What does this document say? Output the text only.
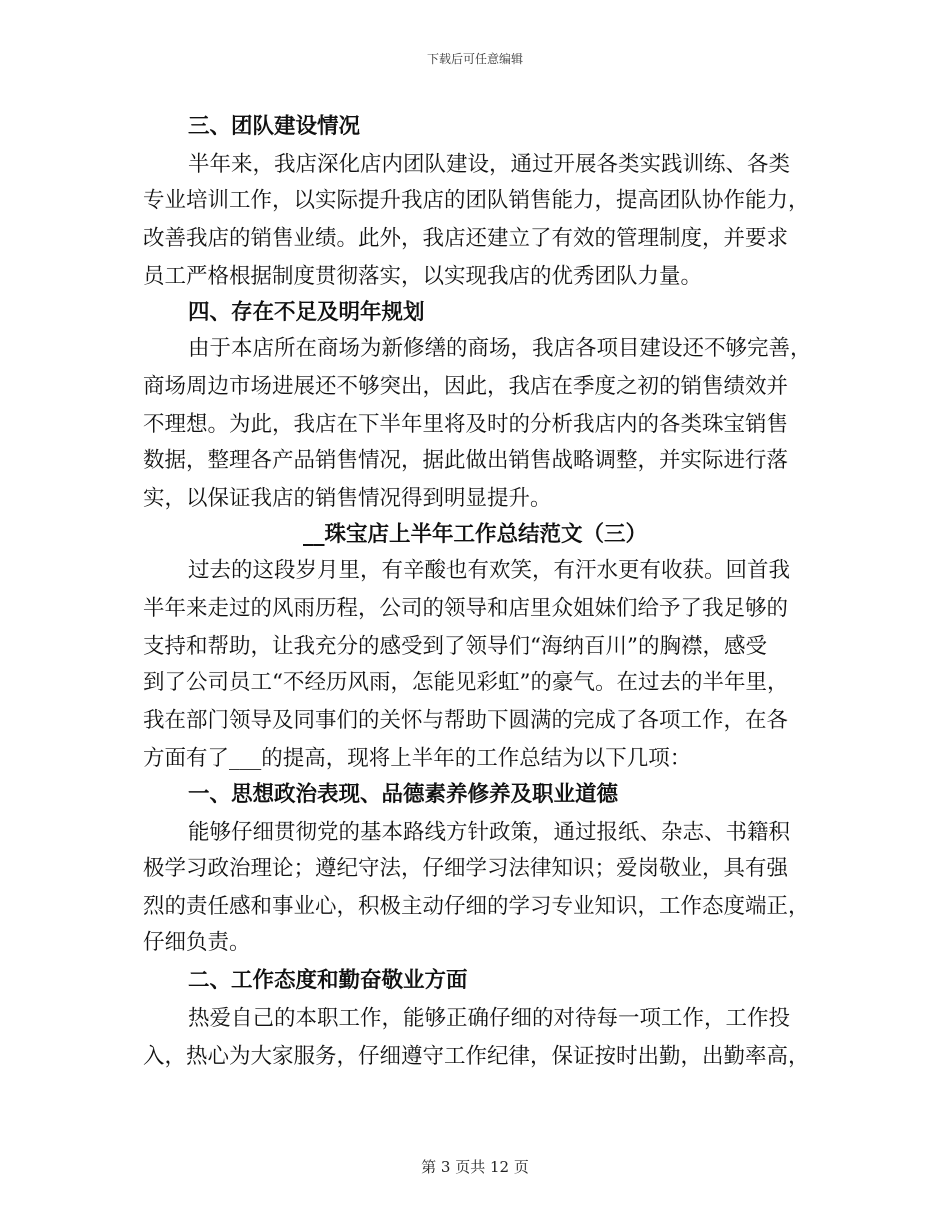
下载后可任意编辑
三、团队建设情况
半年来，我店深化店内团队建设，通过开展各类实践训练、各类
专业培训工作，以实际提升我店的团队销售能力，提高团队协作能力，
改善我店的销售业绩。此外，我店还建立了有效的管理制度，并要求
员工严格根据制度贯彻落实，以实现我店的优秀团队力量。
四、存在不足及明年规划
由于本店所在商场为新修缮的商场，我店各项目建设还不够完善，
商场周边市场进展还不够突出，因此，我店在季度之初的销售绩效并
不理想。为此，我店在下半年里将及时的分析我店内的各类珠宝销售
数据，整理各产品销售情况，据此做出销售战略调整，并实际进行落
实，以保证我店的销售情况得到明显提升。
__珠宝店上半年工作总结范文（三）
过去的这段岁月里，有辛酸也有欢笑，有汗水更有收获。回首我
半年来走过的风雨历程，公司的领导和店里众姐妹们给予了我足够的
支持和帮助，让我充分的感受到了领导们“海纳百川”的胸襟，感受
到了公司员工“不经历风雨，怎能见彩虹”的豪气。在过去的半年里，
我在部门领导及同事们的关怀与帮助下圆满的完成了各项工作，在各
方面有了___的提高，现将上半年的工作总结为以下几项：
一、思想政治表现、品德素养修养及职业道德
能够仔细贯彻党的基本路线方针政策，通过报纸、杂志、书籍积
极学习政治理论；遵纪守法，仔细学习法律知识；爱岗敬业，具有强
烈的责任感和事业心，积极主动仔细的学习专业知识，工作态度端正，
仔细负责。
二、工作态度和勤奋敬业方面
热爱自己的本职工作，能够正确仔细的对待每一项工作，工作投
入，热心为大家服务，仔细遵守工作纪律，保证按时出勤，出勤率高，
第 3 页共 12 页
